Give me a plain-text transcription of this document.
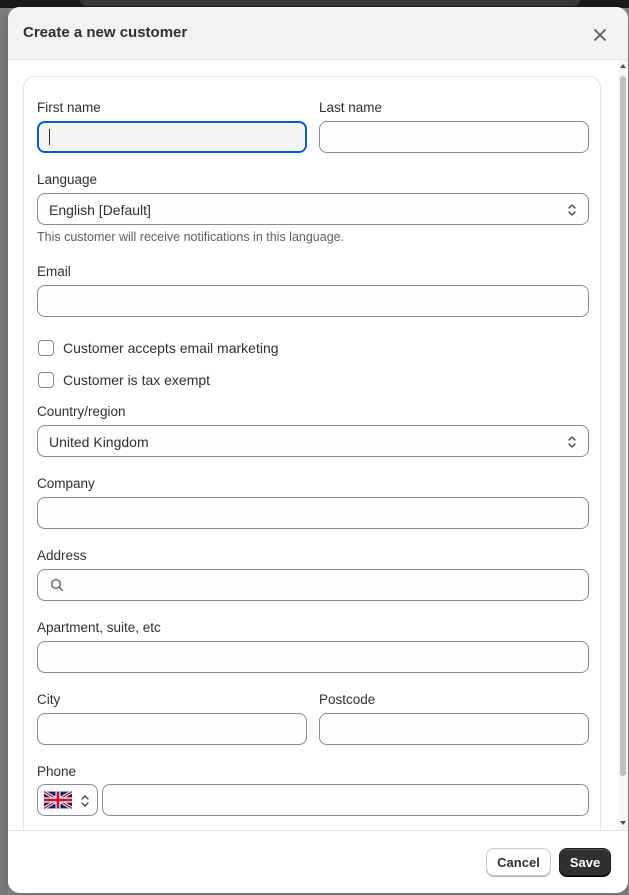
Create a new customer
First name	Last name
Language
English [Default]
This customer will receive notifications in this language.
Email
Customer accepts email marketing
Customer is tax exempt
Country/region
United Kingdom
Company
Address
Apartment, suite, etc
City	Postcode
Phone
Cancel	Save
